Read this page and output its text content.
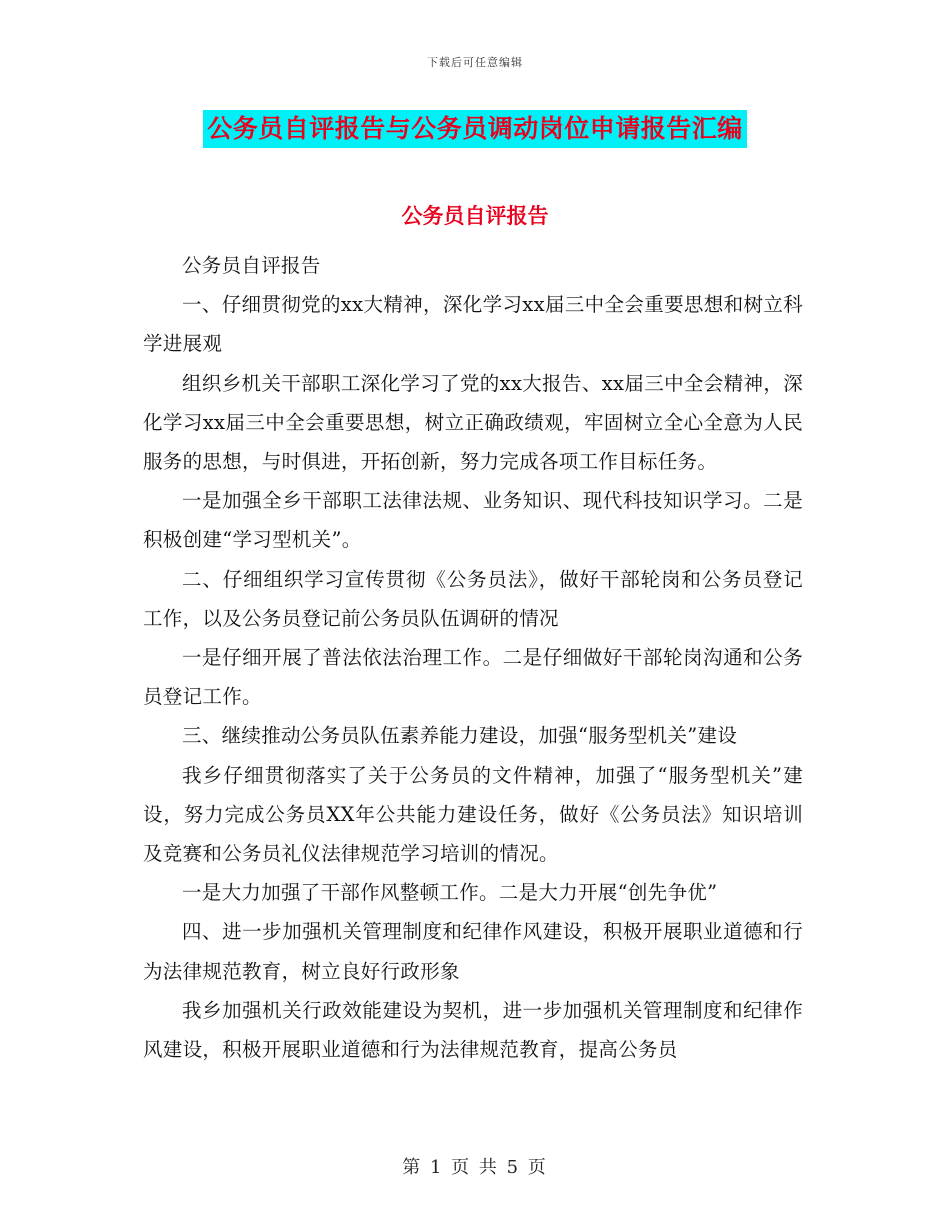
下载后可任意编辑
公务员自评报告与公务员调动岗位申请报告汇编
公务员自评报告

公务员自评报告

一、仔细贯彻党的xx大精神，深化学习xx届三中全会重要思想和树立科学进展观

组织乡机关干部职工深化学习了党的xx大报告、xx届三中全会精神，深化学习xx届三中全会重要思想，树立正确政绩观，牢固树立全心全意为人民服务的思想，与时俱进，开拓创新，努力完成各项工作目标任务。

一是加强全乡干部职工法律法规、业务知识、现代科技知识学习。二是积极创建“学习型机关”。

二、仔细组织学习宣传贯彻《公务员法》，做好干部轮岗和公务员登记工作，以及公务员登记前公务员队伍调研的情况

一是仔细开展了普法依法治理工作。二是仔细做好干部轮岗沟通和公务员登记工作。

三、继续推动公务员队伍素养能力建设，加强“服务型机关”建设

我乡仔细贯彻落实了关于公务员的文件精神，加强了“服务型机关”建设，努力完成公务员XX年公共能力建设任务，做好《公务员法》知识培训及竞赛和公务员礼仪法律规范学习培训的情况。

一是大力加强了干部作风整顿工作。二是大力开展“创先争优”

四、进一步加强机关管理制度和纪律作风建设，积极开展职业道德和行为法律规范教育，树立良好行政形象

我乡加强机关行政效能建设为契机，进一步加强机关管理制度和纪律作风建设，积极开展职业道德和行为法律规范教育，提高公务员

第 1 页 共 5 页
